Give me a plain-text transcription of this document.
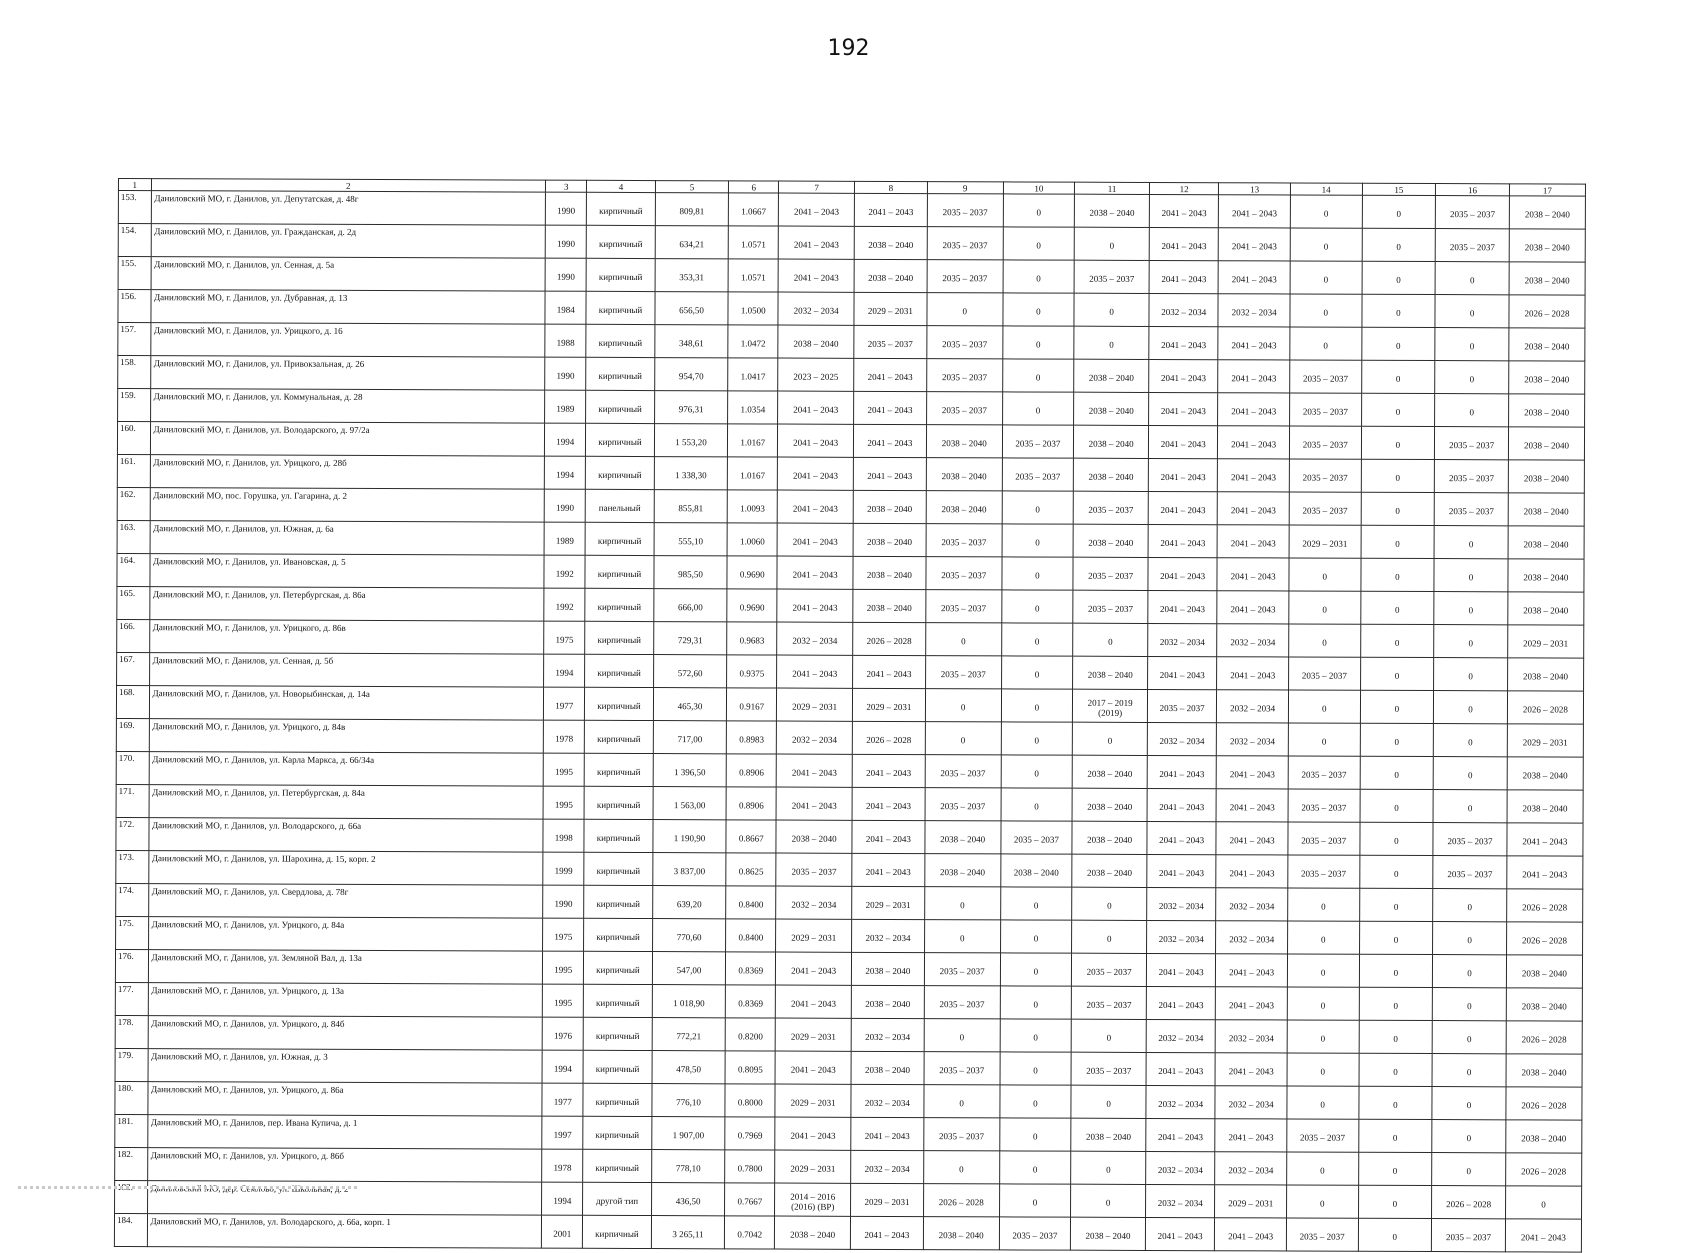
192
1	2	3	4	5	6	7	8	9	10	11	12	13	14	15	16	17
153.	Даниловский МО, г. Данилов, ул. Депутатская, д. 48г	1990	кирпичный	809,81	1.0667	2041 – 2043	2041 – 2043	2035 – 2037	0	2038 – 2040	2041 – 2043	2041 – 2043	0	0	2035 – 2037	2038 – 2040
154.	Даниловский МО, г. Данилов, ул. Гражданская, д. 2д	1990	кирпичный	634,21	1.0571	2041 – 2043	2038 – 2040	2035 – 2037	0	0	2041 – 2043	2041 – 2043	0	0	2035 – 2037	2038 – 2040
155.	Даниловский МО, г. Данилов, ул. Сенная, д. 5а	1990	кирпичный	353,31	1.0571	2041 – 2043	2038 – 2040	2035 – 2037	0	2035 – 2037	2041 – 2043	2041 – 2043	0	0	0	2038 – 2040
156.	Даниловский МО, г. Данилов, ул. Дубравная, д. 13	1984	кирпичный	656,50	1.0500	2032 – 2034	2029 – 2031	0	0	0	2032 – 2034	2032 – 2034	0	0	0	2026 – 2028
157.	Даниловский МО, г. Данилов, ул. Урицкого, д. 16	1988	кирпичный	348,61	1.0472	2038 – 2040	2035 – 2037	2035 – 2037	0	0	2041 – 2043	2041 – 2043	0	0	0	2038 – 2040
158.	Даниловский МО, г. Данилов, ул. Привокзальная, д. 26	1990	кирпичный	954,70	1.0417	2023 – 2025	2041 – 2043	2035 – 2037	0	2038 – 2040	2041 – 2043	2041 – 2043	2035 – 2037	0	0	2038 – 2040
159.	Даниловский МО, г. Данилов, ул. Коммунальная, д. 28	1989	кирпичный	976,31	1.0354	2041 – 2043	2041 – 2043	2035 – 2037	0	2038 – 2040	2041 – 2043	2041 – 2043	2035 – 2037	0	0	2038 – 2040
160.	Даниловский МО, г. Данилов, ул. Володарского, д. 97/2а	1994	кирпичный	1 553,20	1.0167	2041 – 2043	2041 – 2043	2038 – 2040	2035 – 2037	2038 – 2040	2041 – 2043	2041 – 2043	2035 – 2037	0	2035 – 2037	2038 – 2040
161.	Даниловский МО, г. Данилов, ул. Урицкого, д. 28б	1994	кирпичный	1 338,30	1.0167	2041 – 2043	2041 – 2043	2038 – 2040	2035 – 2037	2038 – 2040	2041 – 2043	2041 – 2043	2035 – 2037	0	2035 – 2037	2038 – 2040
162.	Даниловский МО, пос. Горушка, ул. Гагарина, д. 2	1990	панельный	855,81	1.0093	2041 – 2043	2038 – 2040	2038 – 2040	0	2035 – 2037	2041 – 2043	2041 – 2043	2035 – 2037	0	2035 – 2037	2038 – 2040
163.	Даниловский МО, г. Данилов, ул. Южная, д. 6а	1989	кирпичный	555,10	1.0060	2041 – 2043	2038 – 2040	2035 – 2037	0	2038 – 2040	2041 – 2043	2041 – 2043	2029 – 2031	0	0	2038 – 2040
164.	Даниловский МО, г. Данилов, ул. Ивановская, д. 5	1992	кирпичный	985,50	0.9690	2041 – 2043	2038 – 2040	2035 – 2037	0	2035 – 2037	2041 – 2043	2041 – 2043	0	0	0	2038 – 2040
165.	Даниловский МО, г. Данилов, ул. Петербургская, д. 86а	1992	кирпичный	666,00	0.9690	2041 – 2043	2038 – 2040	2035 – 2037	0	2035 – 2037	2041 – 2043	2041 – 2043	0	0	0	2038 – 2040
166.	Даниловский МО, г. Данилов, ул. Урицкого, д. 86в	1975	кирпичный	729,31	0.9683	2032 – 2034	2026 – 2028	0	0	0	2032 – 2034	2032 – 2034	0	0	0	2029 – 2031
167.	Даниловский МО, г. Данилов, ул. Сенная, д. 5б	1994	кирпичный	572,60	0.9375	2041 – 2043	2041 – 2043	2035 – 2037	0	2038 – 2040	2041 – 2043	2041 – 2043	2035 – 2037	0	0	2038 – 2040
168.	Даниловский МО, г. Данилов, ул. Новорыбинская, д. 14а	1977	кирпичный	465,30	0.9167	2029 – 2031	2029 – 2031	0	0	2017 – 2019 (2019)	2035 – 2037	2032 – 2034	0	0	0	2026 – 2028
169.	Даниловский МО, г. Данилов, ул. Урицкого, д. 84в	1978	кирпичный	717,00	0.8983	2032 – 2034	2026 – 2028	0	0	0	2032 – 2034	2032 – 2034	0	0	0	2029 – 2031
170.	Даниловский МО, г. Данилов, ул. Карла Маркса, д. 66/34а	1995	кирпичный	1 396,50	0.8906	2041 – 2043	2041 – 2043	2035 – 2037	0	2038 – 2040	2041 – 2043	2041 – 2043	2035 – 2037	0	0	2038 – 2040
171.	Даниловский МО, г. Данилов, ул. Петербургская, д. 84а	1995	кирпичный	1 563,00	0.8906	2041 – 2043	2041 – 2043	2035 – 2037	0	2038 – 2040	2041 – 2043	2041 – 2043	2035 – 2037	0	0	2038 – 2040
172.	Даниловский МО, г. Данилов, ул. Володарского, д. 66а	1998	кирпичный	1 190,90	0.8667	2038 – 2040	2041 – 2043	2038 – 2040	2035 – 2037	2038 – 2040	2041 – 2043	2041 – 2043	2035 – 2037	0	2035 – 2037	2041 – 2043
173.	Даниловский МО, г. Данилов, ул. Шарохина, д. 15, корп. 2	1999	кирпичный	3 837,00	0.8625	2035 – 2037	2041 – 2043	2038 – 2040	2038 – 2040	2038 – 2040	2041 – 2043	2041 – 2043	2035 – 2037	0	2035 – 2037	2041 – 2043
174.	Даниловский МО, г. Данилов, ул. Свердлова, д. 78г	1990	кирпичный	639,20	0.8400	2032 – 2034	2029 – 2031	0	0	0	2032 – 2034	2032 – 2034	0	0	0	2026 – 2028
175.	Даниловский МО, г. Данилов, ул. Урицкого, д. 84а	1975	кирпичный	770,60	0.8400	2029 – 2031	2032 – 2034	0	0	0	2032 – 2034	2032 – 2034	0	0	0	2026 – 2028
176.	Даниловский МО, г. Данилов, ул. Земляной Вал, д. 13а	1995	кирпичный	547,00	0.8369	2041 – 2043	2038 – 2040	2035 – 2037	0	2035 – 2037	2041 – 2043	2041 – 2043	0	0	0	2038 – 2040
177.	Даниловский МО, г. Данилов, ул. Урицкого, д. 13а	1995	кирпичный	1 018,90	0.8369	2041 – 2043	2038 – 2040	2035 – 2037	0	2035 – 2037	2041 – 2043	2041 – 2043	0	0	0	2038 – 2040
178.	Даниловский МО, г. Данилов, ул. Урицкого, д. 84б	1976	кирпичный	772,21	0.8200	2029 – 2031	2032 – 2034	0	0	0	2032 – 2034	2032 – 2034	0	0	0	2026 – 2028
179.	Даниловский МО, г. Данилов, ул. Южная, д. 3	1994	кирпичный	478,50	0.8095	2041 – 2043	2038 – 2040	2035 – 2037	0	2035 – 2037	2041 – 2043	2041 – 2043	0	0	0	2038 – 2040
180.	Даниловский МО, г. Данилов, ул. Урицкого, д. 86а	1977	кирпичный	776,10	0.8000	2029 – 2031	2032 – 2034	0	0	0	2032 – 2034	2032 – 2034	0	0	0	2026 – 2028
181.	Даниловский МО, г. Данилов, пер. Ивана Купича, д. 1	1997	кирпичный	1 907,00	0.7969	2041 – 2043	2041 – 2043	2035 – 2037	0	2038 – 2040	2041 – 2043	2041 – 2043	2035 – 2037	0	0	2038 – 2040
182.	Даниловский МО, г. Данилов, ул. Урицкого, д. 86б	1978	кирпичный	778,10	0.7800	2029 – 2031	2032 – 2034	0	0	0	2032 – 2034	2032 – 2034	0	0	0	2026 – 2028
		1994	другой тип	436,50	0.7667	2014 – 2016 (2016) (ВР)	2029 – 2031	2026 – 2028	0	0	2032 – 2034	2029 – 2031	0	0	2026 – 2028	0
184.	Даниловский МО, г. Данилов, ул. Володарского, д. 66а, корп. 1	2001	кирпичный	3 265,11	0.7042	2038 – 2040	2041 – 2043	2038 – 2040	2035 – 2037	2038 – 2040	2041 – 2043	2041 – 2043	2035 – 2037	0	2035 – 2037	2041 – 2043
